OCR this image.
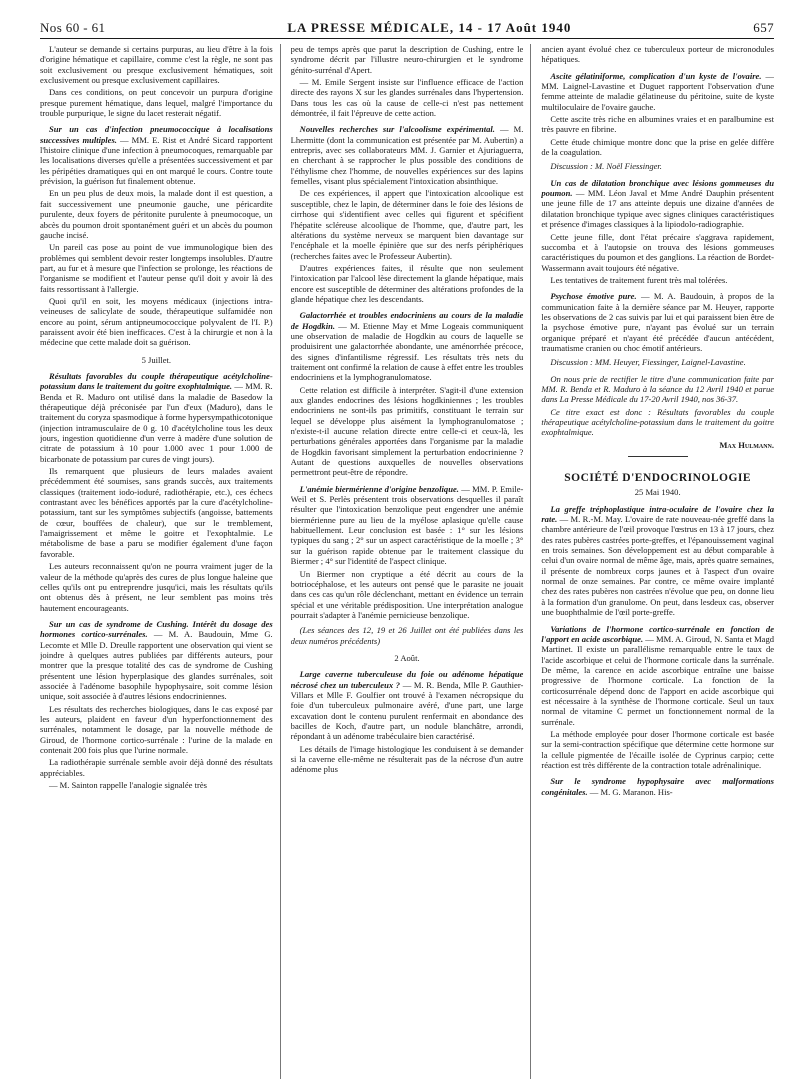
Nos 60 - 61	LA PRESSE MÉDICALE, 14 - 17 Août 1940	657

L'auteur se demande si certains purpuras, au lieu d'être à la fois d'origine hématique et capillaire, comme c'est la règle, ne sont pas soit exclusivement ou presque exclusivement hématiques, soit exclusivement ou presque exclusivement capillaires.

Dans ces conditions, on peut concevoir un purpura d'origine presque purement hématique, dans lequel, malgré l'importance du trouble purpurique, le signe du lacet resterait négatif.

Sur un cas d'infection pneumococcique à localisations successives multiples. — MM. E. Rist et André Sicard rapportent l'histoire clinique d'une infection à pneumocoques, remarquable par les localisations diverses qu'elle a présentées successivement et par les péripéties dramatiques qui en ont marqué le cours. Contre toute prévision, la guérison fut finalement obtenue.

En un peu plus de deux mois, la malade dont il est question, a fait successivement une pneumonie gauche, une péricardite purulente, deux foyers de péritonite purulente à pneumocoque, un abcès du poumon droit spontanément guéri et un abcès du poumon gauche incisé.

Un pareil cas pose au point de vue immunologique bien des problèmes qui semblent devoir rester longtemps insolubles. D'autre part, au fur et à mesure que l'infection se prolonge, les réactions de l'organisme se modifient et l'auteur pense qu'il doit y avoir là des faits ressortissant à l'allergie.

Quoi qu'il en soit, les moyens médicaux (injections intra-veineuses de salicylate de soude, thérapeutique sulfamidée non encore au point, sérum antipneumococcique polyvalent de l'I. P.) paraissent avoir été bien inefficaces. C'est à la chirurgie et non à la médecine que cette malade doit sa guérison.

5 Juillet.

Résultats favorables du couple thérapeutique acétylcholine-potassium dans le traitement du goitre exophtalmique. — MM. R. Benda et R. Maduro ont utilisé dans la maladie de Basedow la thérapeutique déjà préconisée par l'un d'eux (Maduro), dans le traitement du coryza spasmodique à forme hypersympathicotonique (injection intramusculaire de 0 g. 10 d'acétylcholine tous les deux jours, ingestion quotidienne d'un verre à madère d'une solution de citrate de potassium à 10 pour 1.000 avec 1 pour 1.000 de bicarbonate de potassium par cures de vingt jours).

Ils remarquent que plusieurs de leurs malades avaient précédemment été soumises, sans grands succès, aux traitements classiques (traitement iodo-ioduré, radiothérapie, etc.), ces échecs contrastant avec les bénéfices apportés par la cure d'acétylcholine-potassium, tant sur les symptômes subjectifs (angoisse, battements de cœur, bouffées de chaleur), que sur le tremblement, l'amaigrissement et même le goitre et l'exophtalmie. Le métabolisme de base a paru se modifier également d'une façon favorable.

Les auteurs reconnaissent qu'on ne pourra vraiment juger de la valeur de la méthode qu'après des cures de plus longue haleine que celles qu'ils ont pu entreprendre jusqu'ici, mais les résultats qu'ils ont obtenus dès à présent, ne leur semblent pas moins très hautement encourageants.

Sur un cas de syndrome de Cushing. Intérêt du dosage des hormones cortico-surrénales. — M. A. Baudouin, Mme G. Lecomte et Mlle D. Dreulle rapportent une observation qui vient se joindre à quelques autres publiées par différents auteurs, pour montrer que la presque totalité des cas de syndrome de Cushing présentent une lésion hyperplasique des glandes surrénales, soit associée à l'adénome basophile hypophysaire, soit comme lésion unique, soit associée à d'autres lésions endocriniennes.

Les résultats des recherches biologiques, dans le cas exposé par les auteurs, plaident en faveur d'un hyperfonctionnement des surrénales, notamment le dosage, par la nouvelle méthode de Giroud, de l'hormone cortico-surrénale : l'urine de la malade en contenait 200 fois plus que l'urine normale.

La radiothérapie surrénale semble avoir déjà donné des résultats appréciables.

— M. Sainton rappelle l'analogie signalée très

peu de temps après que parut la description de Cushing, entre le syndrome décrit par l'illustre neuro-chirurgien et le syndrome génito-surrénal d'Apert.

— M. Emile Sergent insiste sur l'influence efficace de l'action directe des rayons X sur les glandes surrénales dans l'hypertension. Dans tous les cas où la cause de celle-ci n'est pas nettement démontrée, il fait l'épreuve de cette action.

Nouvelles recherches sur l'alcoolisme expérimental. — M. Lhermitte (dont la communication est présentée par M. Aubertin) a entrepris, avec ses collaborateurs MM. J. Garnier et Ajuriaguerra, en cherchant à se rapprocher le plus possible des conditions de l'éthylisme chez l'homme, de nouvelles expériences sur des lapins femelles, visant plus spécialement l'intoxication absinthique.

De ces expériences, il appert que l'intoxication alcoolique est susceptible, chez le lapin, de déterminer dans le foie des lésions de cirrhose qui s'identifient avec celles qui figurent et spécifient l'hépatite scléreuse alcoolique de l'homme, que, d'autre part, les altérations du système nerveux se marquent bien davantage sur l'encéphale et la moelle épinière que sur des nerfs périphériques (recherches faites avec le Professeur Aubertin).

D'autres expériences faites, il résulte que non seulement l'intoxication par l'alcool lèse directement la glande hépatique, mais encore est susceptible de déterminer des altérations profondes de la glande hépatique chez les descendants.

Galactorrhée et troubles endocriniens au cours de la maladie de Hogdkin. — M. Etienne May et Mme Logeais communiquent une observation de maladie de Hogdkin au cours de laquelle se produisirent une galactorrhée abondante, une aménorrhée précoce, des signes d'infantilisme régressif. Les résultats très nets du traitement ont confirmé la relation de cause à effet entre les troubles endocriniens et la lymphogranulomatose.

Cette relation est difficile à interpréter. S'agit-il d'une extension aux glandes endocrines des lésions hogdkiniennes ; les troubles endocriniens ne sont-ils pas primitifs, constituant le terrain sur lequel se développe plus aisément la lymphogranulomatose ; n'existe-t-il aucune relation directe entre celle-ci et ceux-là, les perturbations générales apportées dans l'organisme par la maladie de Hogdkin favorisant simplement la perturbation endocrinienne ? Autant de questions auxquelles de nouvelles observations permettront peut-être de répondre.

L'anémie biermérienne d'origine benzolique. — MM. P. Emile-Weil et S. Perlès présentent trois observations desquelles il paraît résulter que l'intoxication benzolique peut engendrer une anémie biermérienne pure au lieu de la myélose aplasique qu'elle cause habituellement. Leur conclusion est basée : 1° sur les lésions typiques du sang ; 2° sur un aspect caractéristique de la moelle ; 3° sur la guérison rapide obtenue par le traitement classique du Biermer ; 4° sur l'identité de l'aspect clinique.

Un Biermer non cryptique a été décrit au cours de la botriocéphalose, et les auteurs ont pensé que le parasite ne jouait dans ces cas qu'un rôle déclenchant, mettant en évidence un terrain spécial et une véritable prédisposition. Une interprétation analogue pourrait s'adapter à l'anémie pernicieuse benzolique.

(Les séances des 12, 19 et 26 Juillet ont été publiées dans les deux numéros précédents)

2 Août.

Large caverne tuberculeuse du foie ou adénome hépatique nécrosé chez un tuberculeux ? — M. R. Benda, Mlle P. Gauthier-Villars et Mlle F. Goulfier ont trouvé à l'examen nécropsique du foie d'un tuberculeux pulmonaire avéré, d'une part, une large excavation dont le contenu purulent renfermait en abondance des bacilles de Koch, d'autre part, un nodule blanchâtre, arrondi, répondant à un adénome trabéculaire bien caractérisé.

Les détails de l'image histologique les conduisent à se demander si la caverne elle-même ne résulterait pas de la nécrose d'un autre adénome plus

ancien ayant évolué chez ce tuberculeux porteur de micronodules hépatiques.

Ascite gélatiniforme, complication d'un kyste de l'ovaire. — MM. Laignel-Lavastine et Duguet rapportent l'observation d'une femme atteinte de maladie gélatineuse du péritoine, suite de kyste multiloculaire de l'ovaire gauche.

Cette ascite très riche en albumines vraies et en paralbumine est très pauvre en fibrine.

Cette étude chimique montre donc que la prise en gelée diffère de la coagulation.

Discussion : M. Noël Fiessinger.

Un cas de dilatation bronchique avec lésions gommeuses du poumon. — MM. Léon Javal et Mme André Dauphin présentent une jeune fille de 17 ans atteinte depuis une dizaine d'années de dilatation bronchique typique avec signes cliniques caractéristiques et présence d'images classiques à la lipiodolo-radiographie.

Cette jeune fille, dont l'état précaire s'aggrava rapidement, succomba et à l'autopsie on trouva des lésions gommeuses caractéristiques du poumon et des ganglions. La réaction de Bordet-Wassermann avait toujours été négative.

Les tentatives de traitement furent très mal tolérées.

Psychose émotive pure. — M. A. Baudouin, à propos de la communication faite à la dernière séance par M. Heuyer, rapporte les observations de 2 cas suivis par lui et qui paraissent bien être de la psychose émotive pure, n'ayant pas évolué sur un terrain organique préparé et n'ayant été précédée d'aucun antécédent, traumatisme cranien ou choc émotif antérieurs.

Discussion : MM. Heuyer, Fiessinger, Laignel-Lavastine.

On nous prie de rectifier le titre d'une communication faite par MM. R. Benda et R. Maduro à la séance du 12 Avril 1940 et parue dans La Presse Médicale du 17-20 Avril 1940, nos 36-37.

Ce titre exact est donc : Résultats favorables du couple thérapeutique acétylcholine-potassium dans le traitement du goitre exophtalmique.

Max Hulmann.

SOCIÉTÉ D'ENDOCRINOLOGIE

25 Mai 1940.

La greffe tréphoplastique intra-oculaire de l'ovaire chez la rate. — M. R.-M. May. L'ovaire de rate nouveau-née greffé dans la chambre antérieure de l'œil provoque l'œstrus en 13 à 17 jours, chez des rates pubères castrées porte-greffes, et l'épanouissement vaginal en trois semaines. Son développement est au début comparable à celui d'un ovaire normal de même âge, mais, après quatre semaines, il présente de nombreux corps jaunes et à l'aspect d'un ovaire normal de onze semaines. Par contre, ce même ovaire implanté chez des rates pubères non castrées n'évolue que peu, on donne lieu à la formation d'un granulome. On peut, dans lesdeux cas, observer une buophthalmie de l'œil porte-greffe.

Variations de l'hormone cortico-surrénale en fonction de l'apport en acide ascorbique. — MM. A. Giroud, N. Santa et Magd Martinet. Il existe un parallélisme remarquable entre le taux de l'acide ascorbique et celui de l'hormone corticale dans la surrénale. De même, la carence en acide ascorbique entraîne une baisse progressive de l'hormone corticale. La fonction de la corticosurrénale dépend donc de l'apport en acide ascorbique qui est nécessaire à la synthèse de l'hormone corticale. Seul un taux normal de vitamine C permet un fonctionnement normal de la surrénale.

La méthode employée pour doser l'hormone corticale est basée sur la semi-contraction spécifique que détermine cette hormone sur la cellule pigmentée de l'écaille isolée de Cyprinus carpio; cette réaction est très différente de la contraction totale adrénalinique.

Sur le syndrome hypophysaire avec malformations congénitales. — M. G. Maranon. His-
